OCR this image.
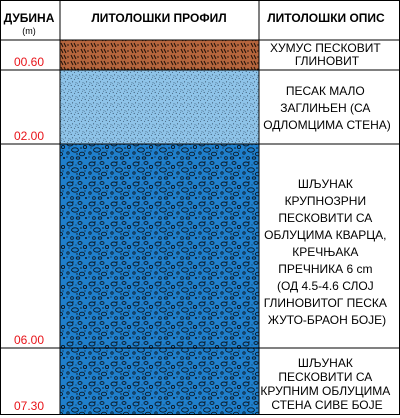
ДУБИНА
(m)
ЛИТОЛОШКИ ПРОФИЛ	ЛИТОЛОШКИ ОПИС
00.60
02.00
06.00
07.30
ХУМУС ПЕСКОВИТ ГЛИНОВИТ
ПЕСАК МАЛО ЗАГЛИЊЕН (СА ОДЛОМЦИМА СТЕНА)
ШЉУНАК КРУПНОЗРНИ ПЕСКОВИТИ СА ОБЛУЦИМА КВАРЦА, КРЕЧЊАКА ПРЕЧНИКА 6 cm (ОД 4.5-4.6 СЛОЈ ГЛИНОВИТОГ ПЕСКА ЖУТО-БРАОН БОЈЕ)
ШЉУНАК ПЕСКОВИТИ СА КРУПНИМ ОБЛУЦИМА СТЕНА СИВЕ БОЈЕ
